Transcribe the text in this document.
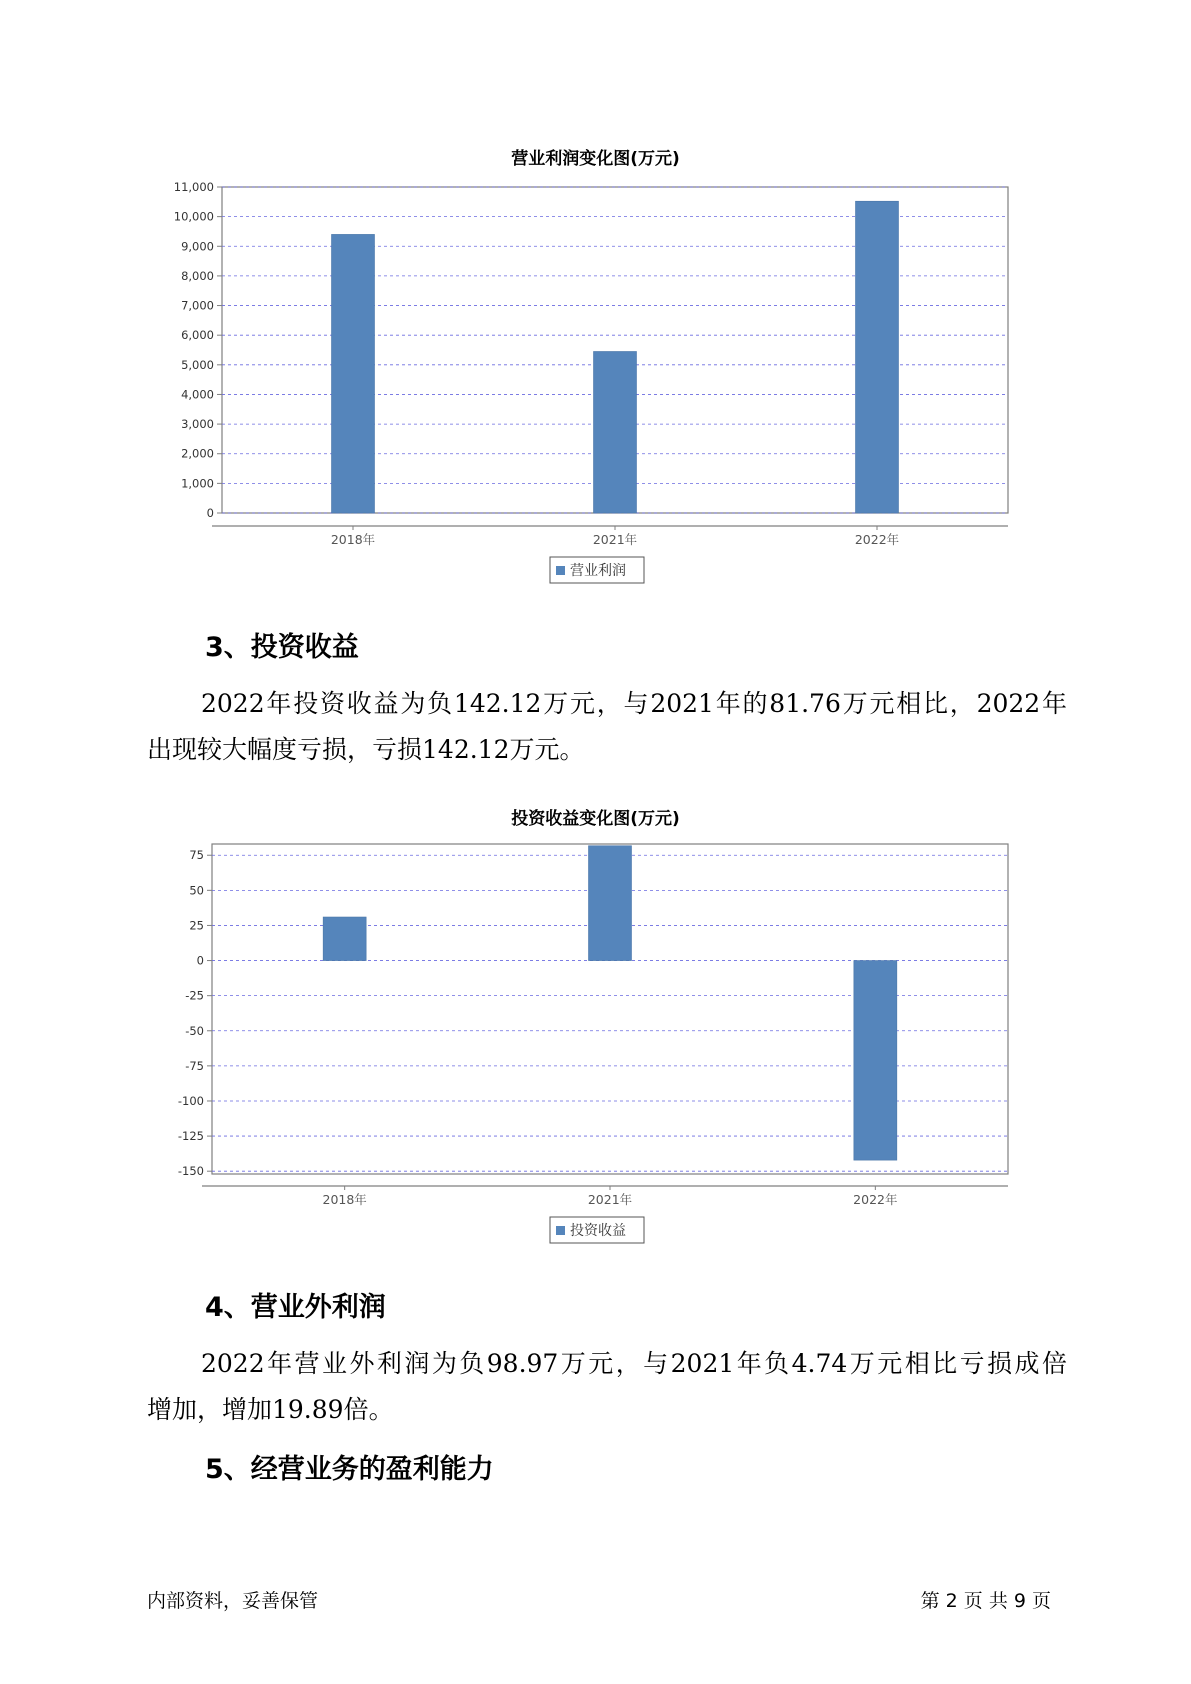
营业利润变化图(万元)
0
1,000
2,000
3,000
4,000
5,000
6,000
7,000
8,000
9,000
10,000
11,000
2018年	2021年	2022年
营业利润
3、投资收益
2022年投资收益为负142.12万元，与2021年的81.76万元相比，2022年
出现较大幅度亏损，亏损142.12万元。
投资收益变化图(万元)
-150
-125
-100
-75
-50
-25
0
25
50
75
2018年	2021年	2022年
投资收益
4、营业外利润
2022年营业外利润为负98.97万元，与2021年负4.74万元相比亏损成倍
增加，增加19.89倍。
5、经营业务的盈利能力
内部资料，妥善保管	第 2 页 共 9 页
